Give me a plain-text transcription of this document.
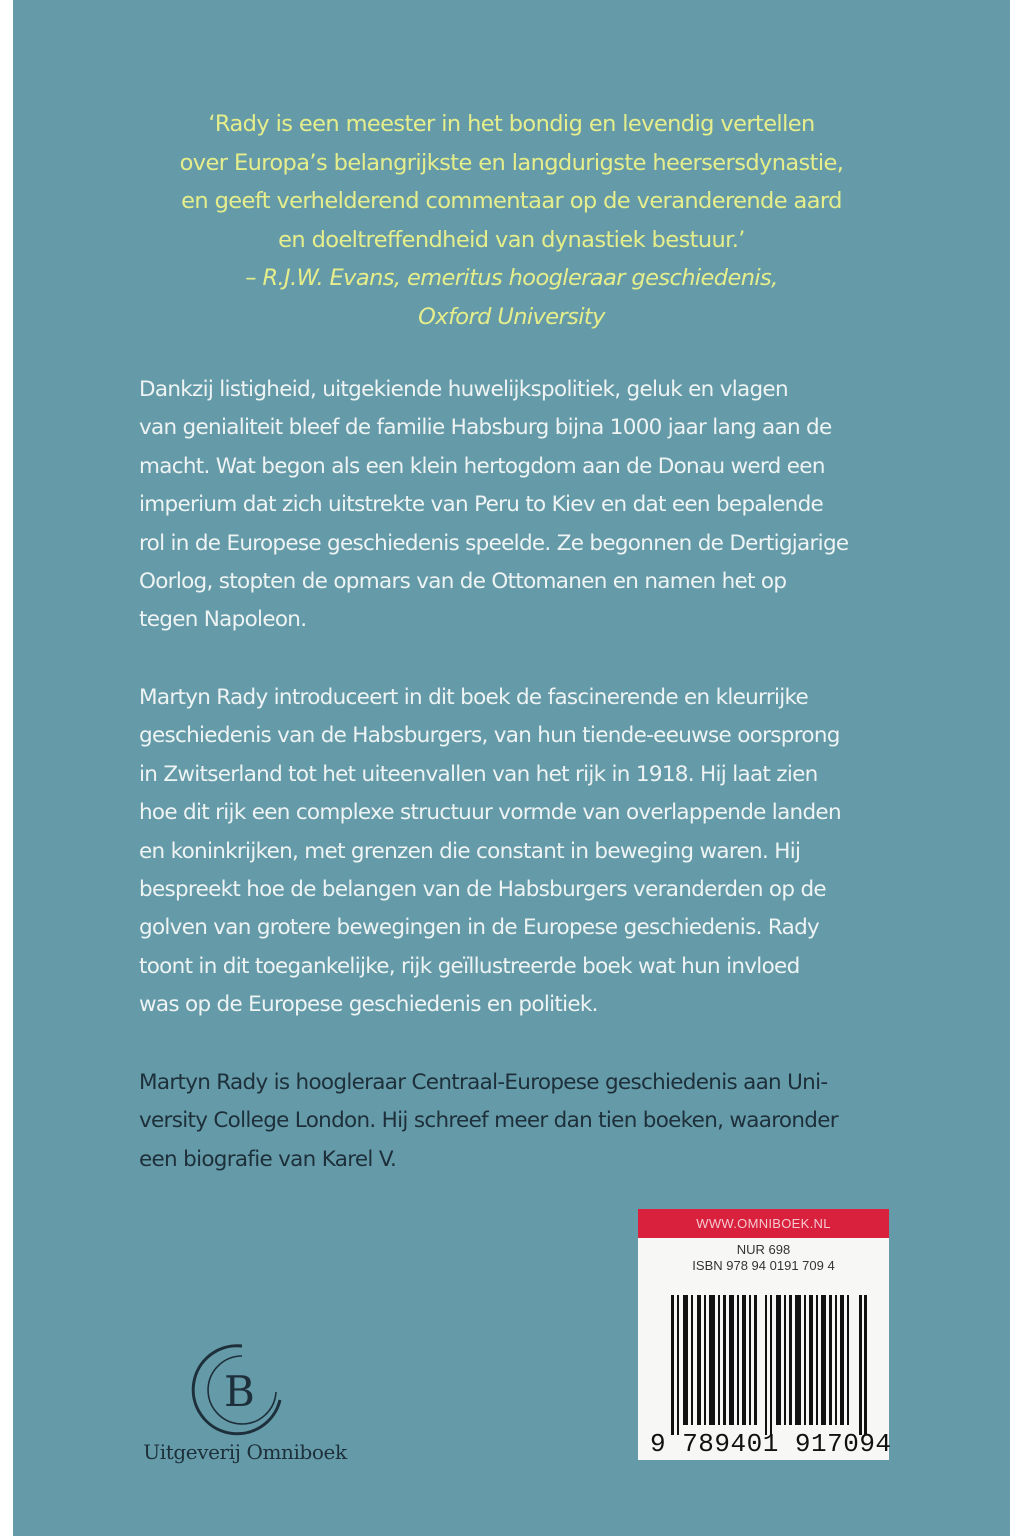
‘Rady is een meester in het bondig en levendig vertellen
over Europa’s belangrijkste en langdurigste heersersdynastie,
en geeft verhelderend commentaar op de veranderende aard
en doeltreffendheid van dynastiek bestuur.’
– R.J.W. Evans, emeritus hoogleraar geschiedenis,
Oxford University
Dankzij listigheid, uitgekiende huwelijkspolitiek, geluk en vlagen
van genialiteit bleef de familie Habsburg bijna 1000 jaar lang aan de
macht. Wat begon als een klein hertogdom aan de Donau werd een
imperium dat zich uitstrekte van Peru to Kiev en dat een bepalende
rol in de Europese geschiedenis speelde. Ze begonnen de Dertigjarige
Oorlog, stopten de opmars van de Ottomanen en namen het op
tegen Napoleon.
Martyn Rady introduceert in dit boek de fascinerende en kleurrijke
geschiedenis van de Habsburgers, van hun tiende-eeuwse oorsprong
in Zwitserland tot het uiteenvallen van het rijk in 1918. Hij laat zien
hoe dit rijk een complexe structuur vormde van overlappende landen
en koninkrijken, met grenzen die constant in beweging waren. Hij
bespreekt hoe de belangen van de Habsburgers veranderden op de
golven van grotere bewegingen in de Europese geschiedenis. Rady
toont in dit toegankelijke, rijk geïllustreerde boek wat hun invloed
was op de Europese geschiedenis en politiek.
Martyn Rady is hoogleraar Centraal-Europese geschiedenis aan Uni-
versity College London. Hij schreef meer dan tien boeken, waaronder
een biografie van Karel V.
B
Uitgeverij Omniboek
WWW.OMNIBOEK.NL
NUR 698
ISBN 978 94 0191 709 4
9 789401 917094
